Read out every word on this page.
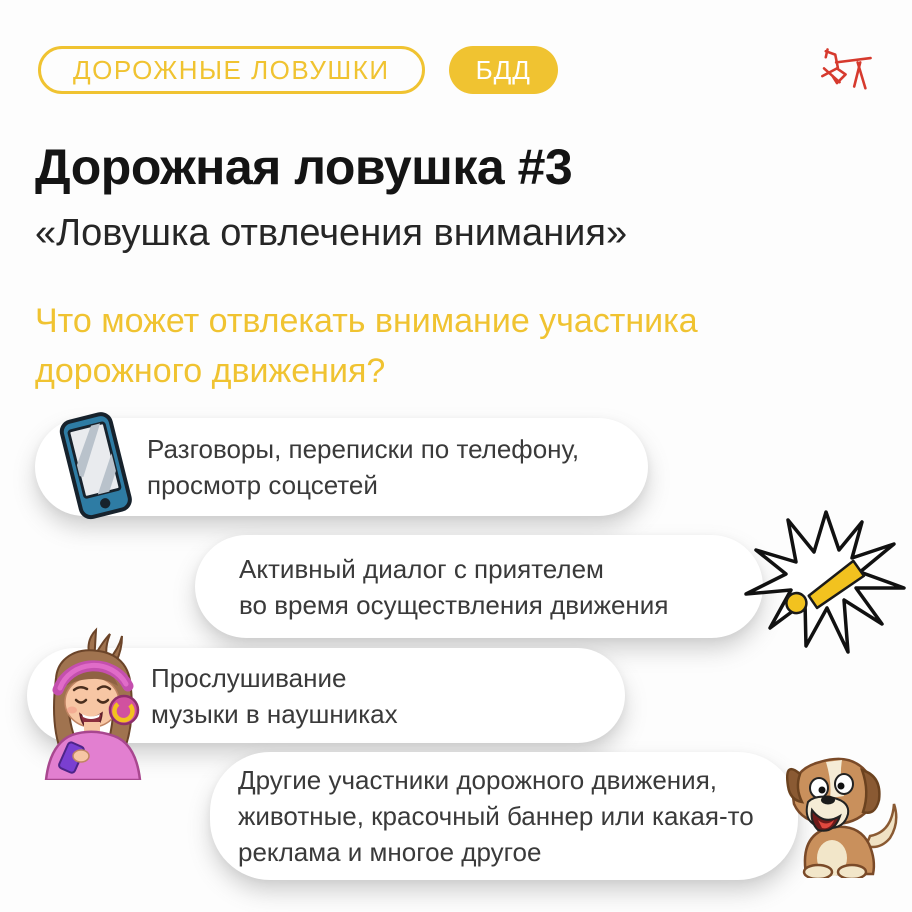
ДОРОЖНЫЕ ЛОВУШКИ	БДД
Дорожная ловушка #3
«Ловушка отвлечения внимания»
Что может отвлекать внимание участника
дорожного движения?
Разговоры, переписки по телефону,
просмотр соцсетей
Активный диалог с приятелем
во время осуществления движения
Прослушивание
музыки в наушниках
Другие участники дорожного движения,
животные, красочный баннер или какая-то
реклама и многое другое
